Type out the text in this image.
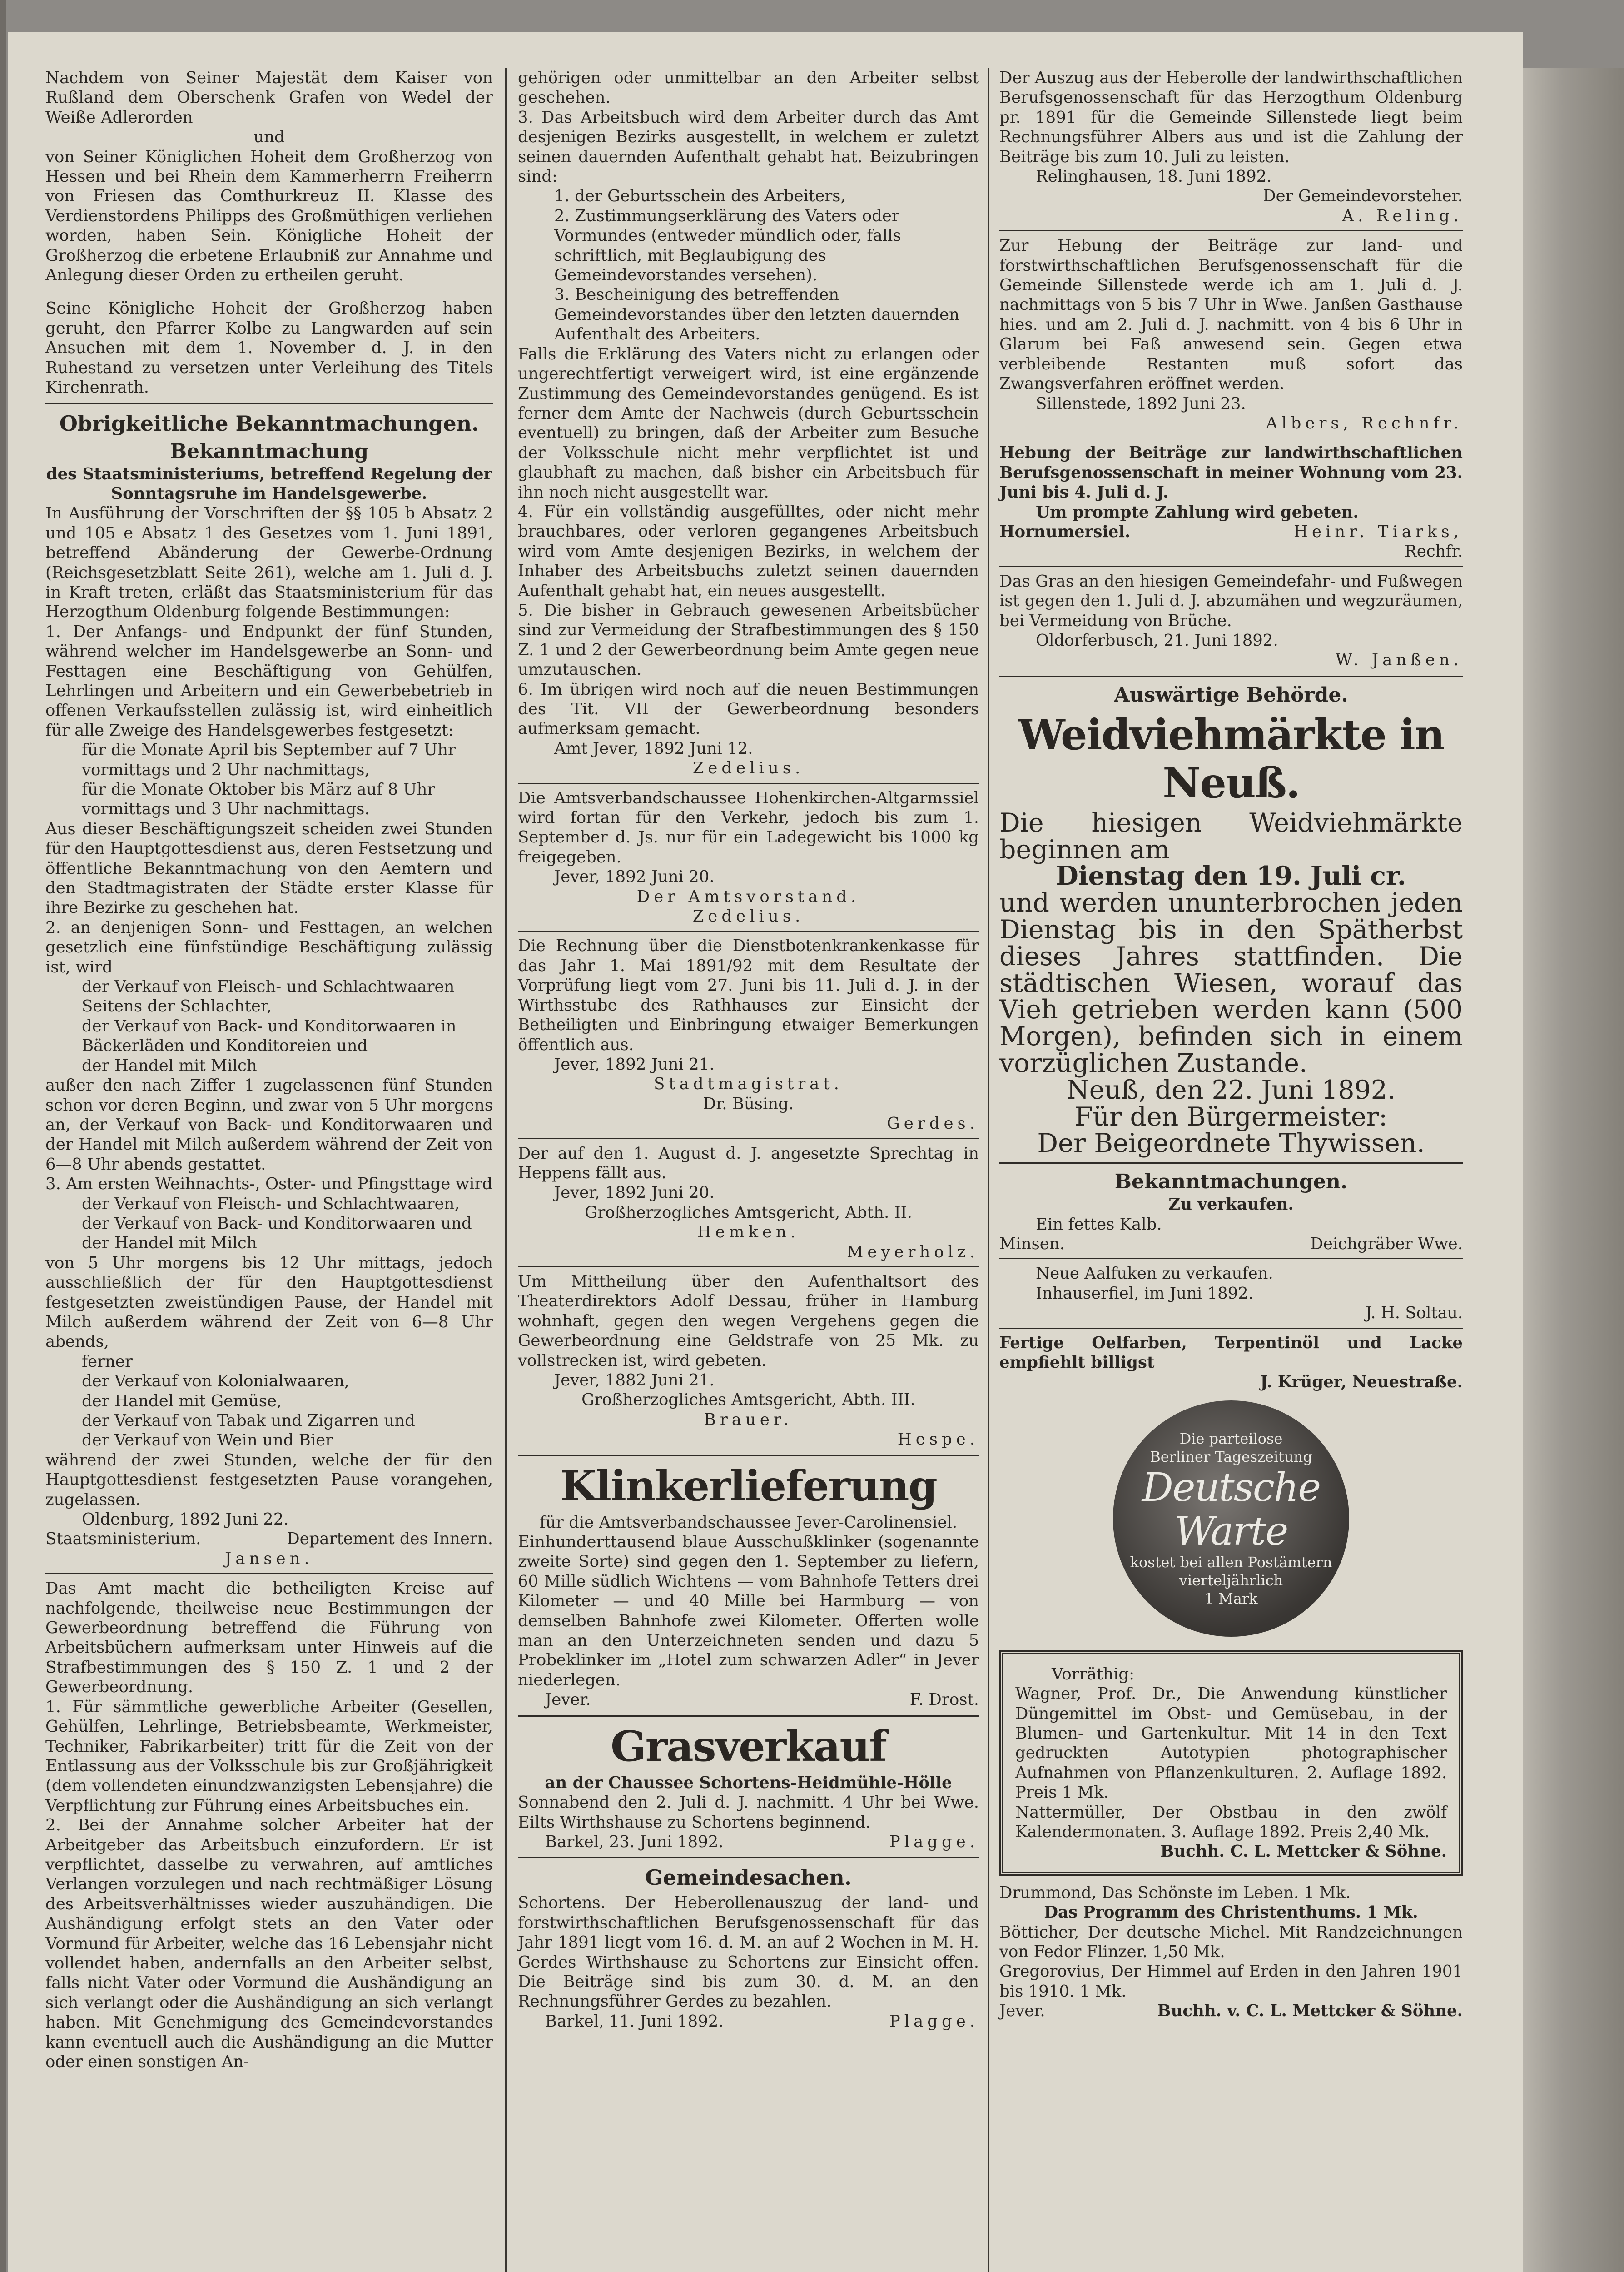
Nachdem von Seiner Majestät dem Kaiser von Rußland dem Oberschenk Grafen von Wedel der Weiße Adlerorden

und

von Seiner Königlichen Hoheit dem Großherzog von Hessen und bei Rhein dem Kammerherrn Freiherrn von Friesen das Comthurkreuz II. Klasse des Verdienstordens Philipps des Großmüthigen verliehen worden, haben Sein. Königliche Hoheit der Großherzog die erbetene Erlaubniß zur Annahme und Anlegung dieser Orden zu ertheilen geruht.

Seine Königliche Hoheit der Großherzog haben geruht, den Pfarrer Kolbe zu Langwarden auf sein Ansuchen mit dem 1. November d. J. in den Ruhestand zu versetzen unter Verleihung des Titels Kirchenrath.

Obrigkeitliche Bekanntmachungen.
Bekanntmachung

des Staatsministeriums, betreffend Regelung der Sonntagsruhe im Handelsgewerbe.

In Ausführung der Vorschriften der §§ 105 b Absatz 2 und 105 e Absatz 1 des Gesetzes vom 1. Juni 1891, betreffend Abänderung der Gewerbe-Ordnung (Reichsgesetzblatt Seite 261), welche am 1. Juli d. J. in Kraft treten, erläßt das Staatsministerium für das Herzogthum Oldenburg folgende Bestimmungen:

1. Der Anfangs- und Endpunkt der fünf Stunden, während welcher im Handelsgewerbe an Sonn- und Festtagen eine Beschäftigung von Gehülfen, Lehrlingen und Arbeitern und ein Gewerbebetrieb in offenen Verkaufsstellen zulässig ist, wird einheitlich für alle Zweige des Handelsgewerbes festgesetzt:

für die Monate April bis September auf 7 Uhr vormittags und 2 Uhr nachmittags,

für die Monate Oktober bis März auf 8 Uhr vormittags und 3 Uhr nachmittags.

Aus dieser Beschäftigungszeit scheiden zwei Stunden für den Hauptgottesdienst aus, deren Festsetzung und öffentliche Bekanntmachung von den Aemtern und den Stadtmagistraten der Städte erster Klasse für ihre Bezirke zu geschehen hat.

2. an denjenigen Sonn- und Festtagen, an welchen gesetzlich eine fünfstündige Beschäftigung zulässig ist, wird

der Verkauf von Fleisch- und Schlachtwaaren Seitens der Schlachter,

der Verkauf von Back- und Konditorwaaren in Bäckerläden und Konditoreien und

der Handel mit Milch

außer den nach Ziffer 1 zugelassenen fünf Stunden schon vor deren Beginn, und zwar von 5 Uhr morgens an, der Verkauf von Back- und Konditorwaaren und der Handel mit Milch außerdem während der Zeit von 6—8 Uhr abends gestattet.

3. Am ersten Weihnachts-, Oster- und Pfingsttage wird

der Verkauf von Fleisch- und Schlachtwaaren,

der Verkauf von Back- und Konditorwaaren und

der Handel mit Milch

von 5 Uhr morgens bis 12 Uhr mittags, jedoch ausschließlich der für den Hauptgottesdienst festgesetzten zweistündigen Pause, der Handel mit Milch außerdem während der Zeit von 6—8 Uhr abends,

ferner

der Verkauf von Kolonialwaaren,

der Handel mit Gemüse,

der Verkauf von Tabak und Zigarren und

der Verkauf von Wein und Bier

während der zwei Stunden, welche der für den Hauptgottesdienst festgesetzten Pause vorangehen, zugelassen.

Oldenburg, 1892 Juni 22.

Staatsministerium.	Departement des Innern.

Jansen.

Das Amt macht die betheiligten Kreise auf nachfolgende, theilweise neue Bestimmungen der Gewerbeordnung betreffend die Führung von Arbeitsbüchern aufmerksam unter Hinweis auf die Strafbestimmungen des § 150 Z. 1 und 2 der Gewerbeordnung.

1. Für sämmtliche gewerbliche Arbeiter (Gesellen, Gehülfen, Lehrlinge, Betriebsbeamte, Werkmeister, Techniker, Fabrikarbeiter) tritt für die Zeit von der Entlassung aus der Volksschule bis zur Großjährigkeit (dem vollendeten einundzwanzigsten Lebensjahre) die Verpflichtung zur Führung eines Arbeitsbuches ein.

2. Bei der Annahme solcher Arbeiter hat der Arbeitgeber das Arbeitsbuch einzufordern. Er ist verpflichtet, dasselbe zu verwahren, auf amtliches Verlangen vorzulegen und nach rechtmäßiger Lösung des Arbeitsverhältnisses wieder auszuhändigen. Die Aushändigung erfolgt stets an den Vater oder Vormund für Arbeiter, welche das 16 Lebensjahr nicht vollendet haben, andernfalls an den Arbeiter selbst, falls nicht Vater oder Vormund die Aushändigung an sich verlangt oder die Aushändigung an sich verlangt haben. Mit Genehmigung des Gemeindevorstandes kann eventuell auch die Aushändigung an die Mutter oder einen sonstigen An-

gehörigen oder unmittelbar an den Arbeiter selbst geschehen.

3. Das Arbeitsbuch wird dem Arbeiter durch das Amt desjenigen Bezirks ausgestellt, in welchem er zuletzt seinen dauernden Aufenthalt gehabt hat. Beizubringen sind:

1. der Geburtsschein des Arbeiters,

2. Zustimmungserklärung des Vaters oder Vormundes (entweder mündlich oder, falls schriftlich, mit Beglaubigung des Gemeindevorstandes versehen).

3. Bescheinigung des betreffenden Gemeindevorstandes über den letzten dauernden Aufenthalt des Arbeiters.

Falls die Erklärung des Vaters nicht zu erlangen oder ungerechtfertigt verweigert wird, ist eine ergänzende Zustimmung des Gemeindevorstandes genügend. Es ist ferner dem Amte der Nachweis (durch Geburtsschein eventuell) zu bringen, daß der Arbeiter zum Besuche der Volksschule nicht mehr verpflichtet ist und glaubhaft zu machen, daß bisher ein Arbeitsbuch für ihn noch nicht ausgestellt war.

4. Für ein vollständig ausgefülltes, oder nicht mehr brauchbares, oder verloren gegangenes Arbeitsbuch wird vom Amte desjenigen Bezirks, in welchem der Inhaber des Arbeitsbuchs zuletzt seinen dauernden Aufenthalt gehabt hat, ein neues ausgestellt.

5. Die bisher in Gebrauch gewesenen Arbeitsbücher sind zur Vermeidung der Strafbestimmungen des § 150 Z. 1 und 2 der Gewerbeordnung beim Amte gegen neue umzutauschen.

6. Im übrigen wird noch auf die neuen Bestimmungen des Tit. VII der Gewerbeordnung besonders aufmerksam gemacht.

Amt Jever, 1892 Juni 12.

Zedelius.

Die Amtsverbandschaussee Hohenkirchen-Altgarmssiel wird fortan für den Verkehr, jedoch bis zum 1. September d. Js. nur für ein Ladegewicht bis 1000 kg freigegeben.

Jever, 1892 Juni 20.

Der Amtsvorstand.

Zedelius.

Die Rechnung über die Dienstbotenkrankenkasse für das Jahr 1. Mai 1891/92 mit dem Resultate der Vorprüfung liegt vom 27. Juni bis 11. Juli d. J. in der Wirthsstube des Rathhauses zur Einsicht der Betheiligten und Einbringung etwaiger Bemerkungen öffentlich aus.

Jever, 1892 Juni 21.

Stadtmagistrat.

Dr. Büsing.

Gerdes.

Der auf den 1. August d. J. angesetzte Sprechtag in Heppens fällt aus.

Jever, 1892 Juni 20.

Großherzogliches Amtsgericht, Abth. II.

Hemken.

Meyerholz.

Um Mittheilung über den Aufenthaltsort des Theaterdirektors Adolf Dessau, früher in Hamburg wohnhaft, gegen den wegen Vergehens gegen die Gewerbeordnung eine Geldstrafe von 25 Mk. zu vollstrecken ist, wird gebeten.

Jever, 1882 Juni 21.

Großherzogliches Amtsgericht, Abth. III.

Brauer.

Hespe.

Klinkerlieferung

für die Amtsverbandschaussee Jever-Carolinensiel.

Einhunderttausend blaue Ausschußklinker (sogenannte zweite Sorte) sind gegen den 1. September zu liefern, 60 Mille südlich Wichtens — vom Bahnhofe Tetters drei Kilometer — und 40 Mille bei Harmburg — von demselben Bahnhofe zwei Kilometer. Offerten wolle man an den Unterzeichneten senden und dazu 5 Probeklinker im „Hotel zum schwarzen Adler“ in Jever niederlegen.

Jever.	F. Drost.

Grasverkauf

an der Chaussee Schortens-Heidmühle-Hölle

Sonnabend den 2. Juli d. J. nachmitt. 4 Uhr bei Wwe. Eilts Wirthshause zu Schortens beginnend.

Barkel, 23. Juni 1892.	Plagge.

Gemeindesachen.

Schortens. Der Heberollenauszug der land- und forstwirthschaftlichen Berufsgenossenschaft für das Jahr 1891 liegt vom 16. d. M. an auf 2 Wochen in M. H. Gerdes Wirthshause zu Schortens zur Einsicht offen. Die Beiträge sind bis zum 30. d. M. an den Rechnungsführer Gerdes zu bezahlen.

Barkel, 11. Juni 1892.	Plagge.

Der Auszug aus der Heberolle der landwirthschaftlichen Berufsgenossenschaft für das Herzogthum Oldenburg pr. 1891 für die Gemeinde Sillenstede liegt beim Rechnungsführer Albers aus und ist die Zahlung der Beiträge bis zum 10. Juli zu leisten.

Relinghausen, 18. Juni 1892.

Der Gemeindevorsteher.

A. Reling.

Zur Hebung der Beiträge zur land- und forstwirthschaftlichen Berufsgenossenschaft für die Gemeinde Sillenstede werde ich am 1. Juli d. J. nachmittags von 5 bis 7 Uhr in Wwe. Janßen Gasthause hies. und am 2. Juli d. J. nachmitt. von 4 bis 6 Uhr in Glarum bei Faß anwesend sein. Gegen etwa verbleibende Restanten muß sofort das Zwangsverfahren eröffnet werden.

Sillenstede, 1892 Juni 23.

Albers, Rechnfr.

Hebung der Beiträge zur landwirthschaftlichen Berufsgenossenschaft in meiner Wohnung vom 23. Juni bis 4. Juli d. J.

Um prompte Zahlung wird gebeten.

Hornumersiel.	Heinr. Tiarks,

Rechfr.

Das Gras an den hiesigen Gemeindefahr- und Fußwegen ist gegen den 1. Juli d. J. abzumähen und wegzuräumen, bei Vermeidung von Brüche.

Oldorferbusch, 21. Juni 1892.

W. Janßen.

Auswärtige Behörde.
Weidviehmärkte in Neuß.

Die hiesigen Weidviehmärkte beginnen am

Dienstag den 19. Juli cr.

und werden ununterbrochen jeden Dienstag bis in den Spätherbst dieses Jahres stattfinden. Die städtischen Wiesen, worauf das Vieh getrieben werden kann (500 Morgen), befinden sich in einem vorzüglichen Zustande.

Neuß, den 22. Juni 1892.

Für den Bürgermeister:

Der Beigeordnete Thywissen.

Bekanntmachungen.

Zu verkaufen.

Ein fettes Kalb.

Minsen.	Deichgräber Wwe.

Neue Aalfuken zu verkaufen.

Inhauserfiel, im Juni 1892.

J. H. Soltau.

Fertige Oelfarben, Terpentinöl und Lacke empfiehlt billigst

J. Krüger, Neuestraße.

Die parteilose
Berliner Tageszeitung
Deutsche Warte
kostet bei allen Postämtern
vierteljährlich
1 Mark

Vorräthig:

Wagner, Prof. Dr., Die Anwendung künstlicher Düngemittel im Obst- und Gemüsebau, in der Blumen- und Gartenkultur. Mit 14 in den Text gedruckten Autotypien photographischer Aufnahmen von Pflanzenkulturen. 2. Auflage 1892. Preis 1 Mk.

Nattermüller, Der Obstbau in den zwölf Kalendermonaten. 3. Auflage 1892. Preis 2,40 Mk.

Buchh. C. L. Mettcker & Söhne.

Drummond, Das Schönste im Leben. 1 Mk.

Das Programm des Christenthums. 1 Mk.

Bötticher, Der deutsche Michel. Mit Randzeichnungen von Fedor Flinzer. 1,50 Mk.

Gregorovius, Der Himmel auf Erden in den Jahren 1901 bis 1910. 1 Mk.

Jever.	Buchh. v. C. L. Mettcker & Söhne.
